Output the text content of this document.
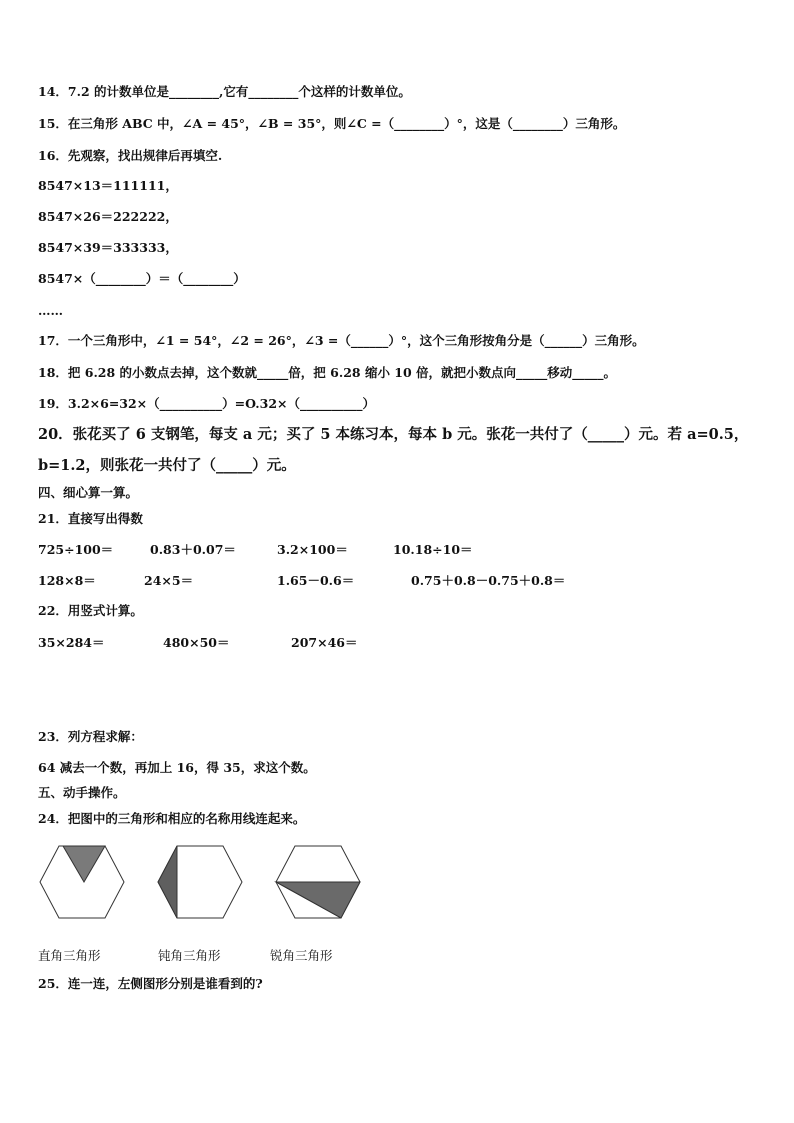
14．7.2 的计数单位是________,它有________个这样的计数单位。
15．在三角形 ABC 中，∠A = 45°，∠B = 35°，则∠C =（________）°，这是（________）三角形。
16．先观察，找出规律后再填空.
8547×13＝111111，
8547×26＝222222，
8547×39＝333333，
8547×（________）＝（________）
……
17．一个三角形中，∠1 = 54°，∠2 = 26°，∠3 =（______）°，这个三角形按角分是（______）三角形。
18．把 6.28 的小数点去掉，这个数就_____倍，把 6.28 缩小 10 倍，就把小数点向_____移动_____。
19．3.2×6=32×（__________）=O.32×（__________）
20．张花买了 6 支钢笔，每支 a 元；买了 5 本练习本，每本 b 元。张花一共付了（_____）元。若 a=0.5，
b=1.2，则张花一共付了（_____）元。
四、细心算一算。
21．直接写出得数
725÷100＝	0.83＋0.07＝	3.2×100＝	10.18÷10＝
128×8＝	24×5＝	1.65－0.6＝	0.75＋0.8－0.75＋0.8＝
22．用竖式计算。
35×284＝	480×50＝	207×46＝
23．列方程求解：
64 减去一个数，再加上 16，得 35，求这个数。
五、动手操作。
24．把图中的三角形和相应的名称用线连起来。
直角三角形	钝角三角形	锐角三角形
25．连一连，左侧图形分别是谁看到的?
